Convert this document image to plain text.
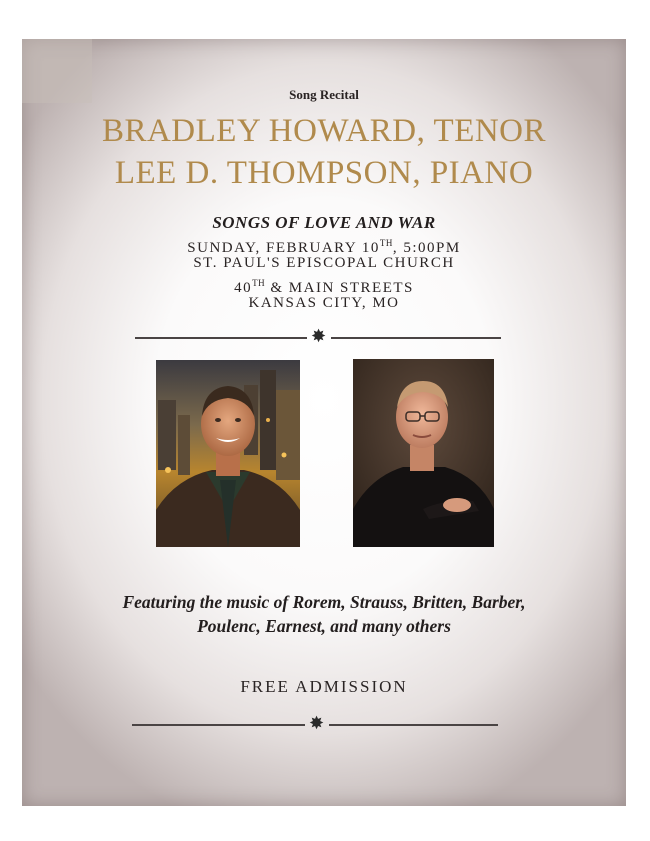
Song Recital
BRADLEY HOWARD, TENOR
LEE D. THOMPSON, PIANO
SONGS OF LOVE AND WAR
SUNDAY, FEBRUARY 10TH, 5:00PM
ST. PAUL'S EPISCOPAL CHURCH
40TH & MAIN STREETS
KANSAS CITY, MO
✸
Featuring the music of Rorem, Strauss, Britten, Barber,
Poulenc, Earnest, and many others
FREE ADMISSION
✸
